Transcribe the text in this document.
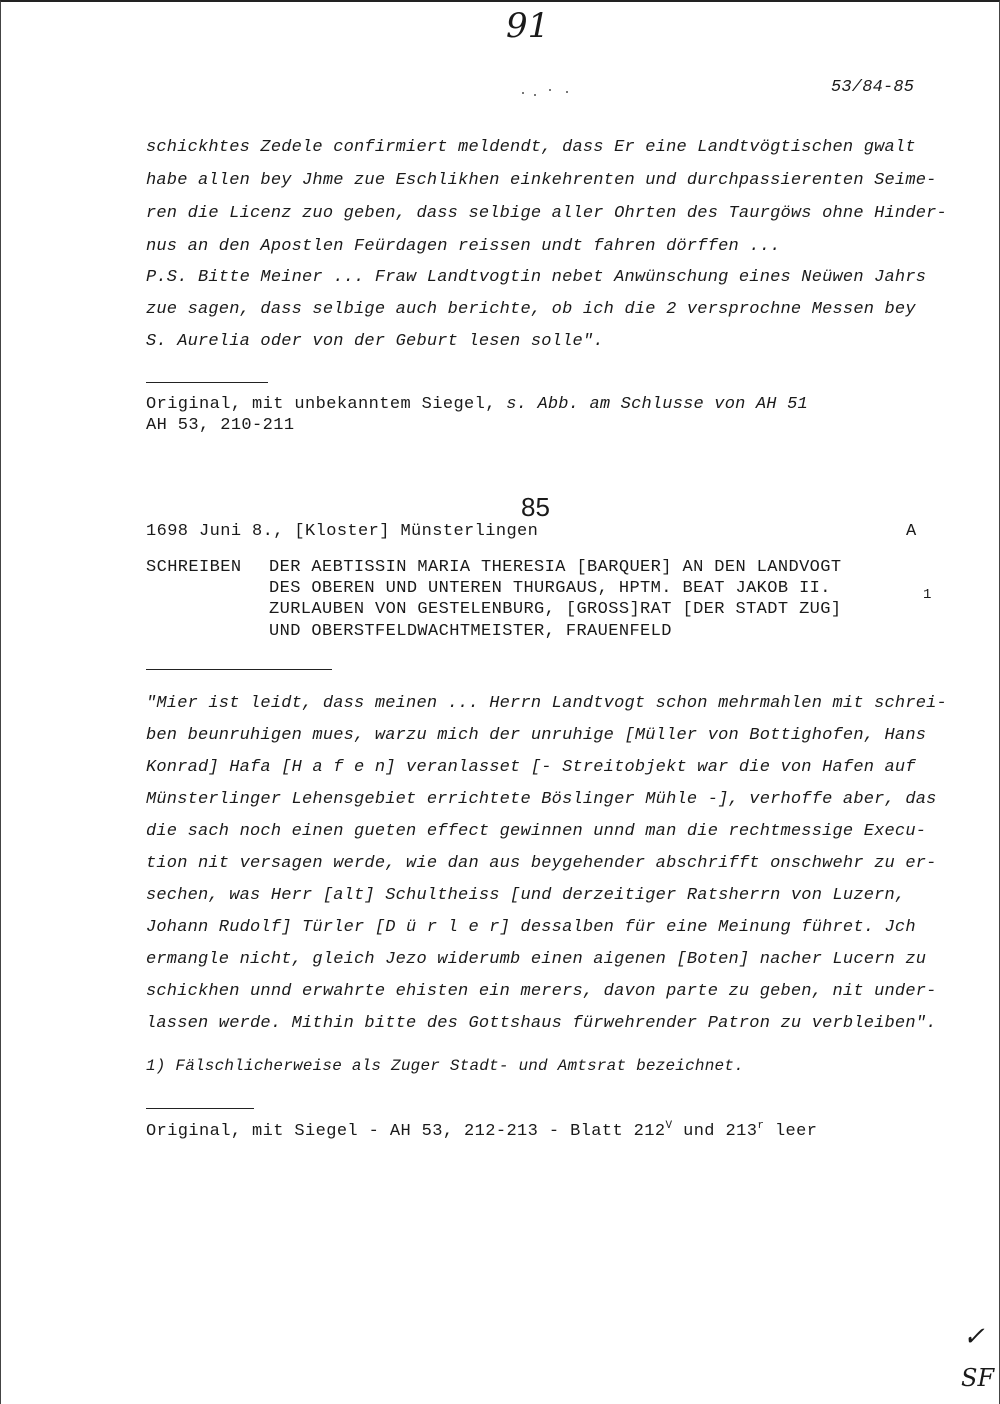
91
53/84-85
schickhtes Zedele confirmiert meldendt, dass Er eine Landtvögtischen gwalt
habe allen bey Jhme zue Eschlikhen einkehrenten und durchpassierenten Seime-
ren die Licenz zuo geben, dass selbige aller Ohrten des Taurgöws ohne Hinder-
nus an den Apostlen Feürdagen reissen undt fahren dörffen ...
P.S. Bitte Meiner ... Fraw Landtvogtin nebet Anwünschung eines Neüwen Jahrs
zue sagen, dass selbige auch berichte, ob ich die 2 versprochne Messen bey
S. Aurelia oder von der Geburt lesen solle".
Original, mit unbekanntem Siegel, s. Abb. am Schlusse von AH 51
AH 53, 210-211
85
1698 Juni 8., [Kloster] Münsterlingen	A
SCHREIBEN DER AEBTISSIN MARIA THERESIA [BARQUER] AN DEN LANDVOGT
DES OBEREN UND UNTEREN THURGAUS, HPTM. BEAT JAKOB II.
ZURLAUBEN VON GESTELENBURG, [GROSS]RAT [DER STADT ZUG]
UND OBERSTFELDWACHTMEISTER, FRAUENFELD
1
"Mier ist leidt, dass meinen ... Herrn Landtvogt schon mehrmahlen mit schrei-
ben beunruhigen mues, warzu mich der unruhige [Müller von Bottighofen, Hans
Konrad] Hafa [H a f e n] veranlasset [- Streitobjekt war die von Hafen auf
Münsterlinger Lehensgebiet errichtete Böslinger Mühle -], verhoffe aber, das
die sach noch einen gueten effect gewinnen unnd man die rechtmessige Execu-
tion nit versagen werde, wie dan aus beygehender abschrifft onschwehr zu er-
sechen, was Herr [alt] Schultheiss [und derzeitiger Ratsherrn von Luzern,
Johann Rudolf] Türler [D ü r l e r] dessalben für eine Meinung führet. Jch
ermangle nicht, gleich Jezo widerumb einen aigenen [Boten] nacher Lucern zu
schickhen unnd erwahrte ehisten ein merers, davon parte zu geben, nit under-
lassen werde. Mithin bitte des Gottshaus fürwehrender Patron zu verbleiben".
1) Fälschlicherweise als Zuger Stadt- und Amtsrat bezeichnet.
Original, mit Siegel - AH 53, 212-213 - Blatt $212^V$ und 213$^r$ leer
✓
SF
